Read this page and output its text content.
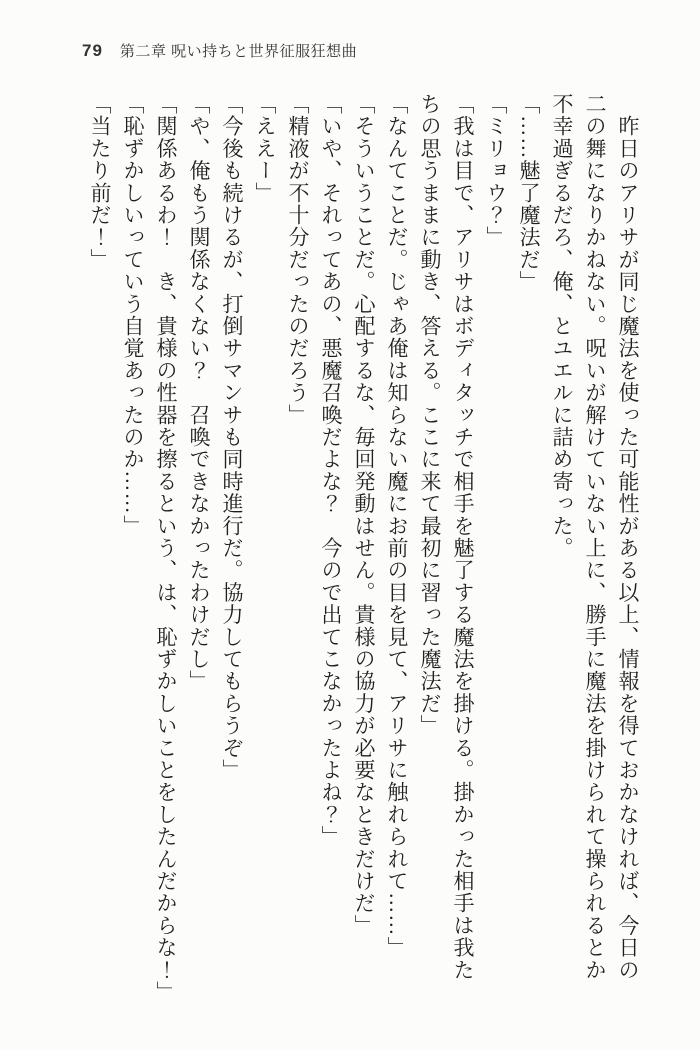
79 第二章 呪い持ちと世界征服狂想曲

　昨日のアリサが同じ魔法を使った可能性がある以上、情報を得ておかなければ、今日の

二の舞になりかねない。呪いが解けていない上に、勝手に魔法を掛けられて操られるとか

不幸過ぎるだろ、俺、とユエルに詰め寄った。

「……魅了魔法だ」

「ミリョウ？」

「我は目で、アリサはボディタッチで相手を魅了する魔法を掛ける。掛かった相手は我た

ちの思うままに動き、答える。ここに来て最初に習った魔法だ」

「なんてことだ。じゃあ俺は知らない魔にお前の目を見て、アリサに触れられて……」

「そういうことだ。心配するな、毎回発動はせん。貴様の協力が必要なときだけだ」

「いや、それってあの、悪魔召喚だよな？　今ので出てこなかったよね？」

「精液が不十分だったのだろう」

「ええー」

「今後も続けるが、打倒サマンサも同時進行だ。協力してもらうぞ」

「や、俺もう関係なくない？　召喚できなかったわけだし」

「関係あるわ！　き、貴様の性器を擦るという、は、恥ずかしいことをしたんだからな！」

「恥ずかしいっていう自覚あったのか……」

「当たり前だ！」
